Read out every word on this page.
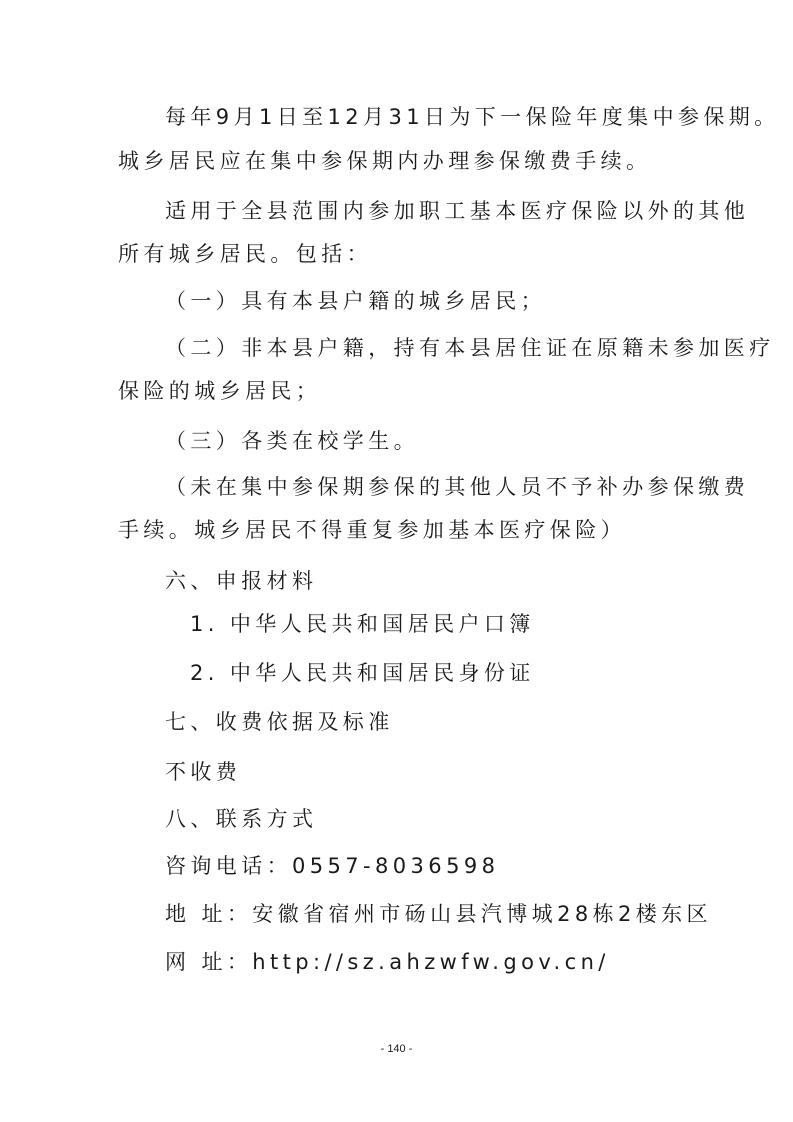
每年9月1日至12月31日为下一保险年度集中参保期。
城乡居民应在集中参保期内办理参保缴费手续。
适用于全县范围内参加职工基本医疗保险以外的其他
所有城乡居民。包括：
（一）具有本县户籍的城乡居民；
（二）非本县户籍，持有本县居住证在原籍未参加医疗
保险的城乡居民；
（三）各类在校学生。
（未在集中参保期参保的其他人员不予补办参保缴费
手续。城乡居民不得重复参加基本医疗保险）
六、申报材料
1. 中华人民共和国居民户口簿
2. 中华人民共和国居民身份证
七、收费依据及标准
不收费
八、联系方式
咨询电话：0557-8036598
地 址：安徽省宿州市砀山县汽博城28栋2楼东区
网 址：http://sz.ahzwfw.gov.cn/
- 140 -
